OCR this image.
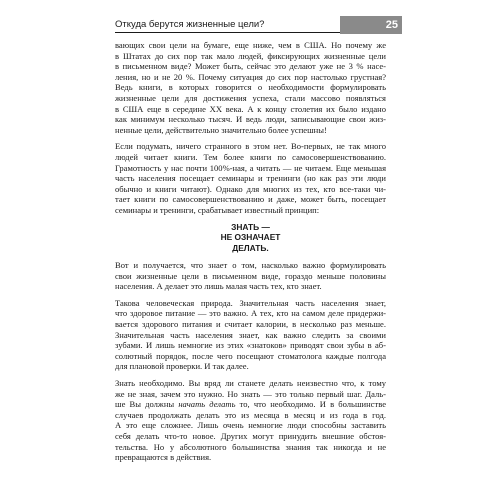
Откуда берутся жизненные цели?	25

вающих свои цели на бумаге, еще ниже, чем в США. Но почему же
в Штатах до сих пор так мало людей, фиксирующих жизненные цели
в письменном виде? Может быть, сейчас это делают уже не 3 % насе-
ления, но и не 20 %. Почему ситуация до сих пор настолько грустная?
Ведь книги, в которых говорится о необходимости формулировать
жизненные цели для достижения успеха, стали массово появляться
в США еще в середине XX века. А к концу столетия их было издано
как минимум несколько тысяч. И ведь люди, записывающие свои жиз-
ненные цели, действительно значительно более успешны!

Если подумать, ничего странного в этом нет. Во-первых, не так много
людей читает книги. Тем более книги по самосовершенствованию.
Грамотность у нас почти 100%-ная, а читать — не читаем. Еще меньшая
часть населения посещает семинары и тренинги (но как раз эти люди
обычно и книги читают). Однако для многих из тех, кто все-таки чи-
тает книги по самосовершенствованию и даже, может быть, посещает
семинары и тренинги, срабатывает известный принцип:

ЗНАТЬ —
НЕ ОЗНАЧАЕТ
ДЕЛАТЬ.

Вот и получается, что знает о том, насколько важно формулировать
свои жизненные цели в письменном виде, гораздо меньше половины
населения. А делает это лишь малая часть тех, кто знает.

Такова человеческая природа. Значительная часть населения знает,
что здоровое питание — это важно. А тех, кто на самом деле придержи-
вается здорового питания и считает калории, в несколько раз меньше.
Значительная часть населения знает, как важно следить за своими
зубами. И лишь немногие из этих «знатоков» приводят свои зубы в аб-
солютный порядок, после чего посещают стоматолога каждые полгода
для плановой проверки. И так далее.

Знать необходимо. Вы вряд ли станете делать неизвестно что, к тому
же не зная, зачем это нужно. Но знать — это только первый шаг. Даль-
ше Вы должны начать делать то, что необходимо. И в большинстве
случаев продолжать делать это из месяца в месяц и из года в год.
А это еще сложнее. Лишь очень немногие люди способны заставить
себя делать что-то новое. Других могут принудить внешние обстоя-
тельства. Но у абсолютного большинства знания так никогда и не
превращаются в действия.
